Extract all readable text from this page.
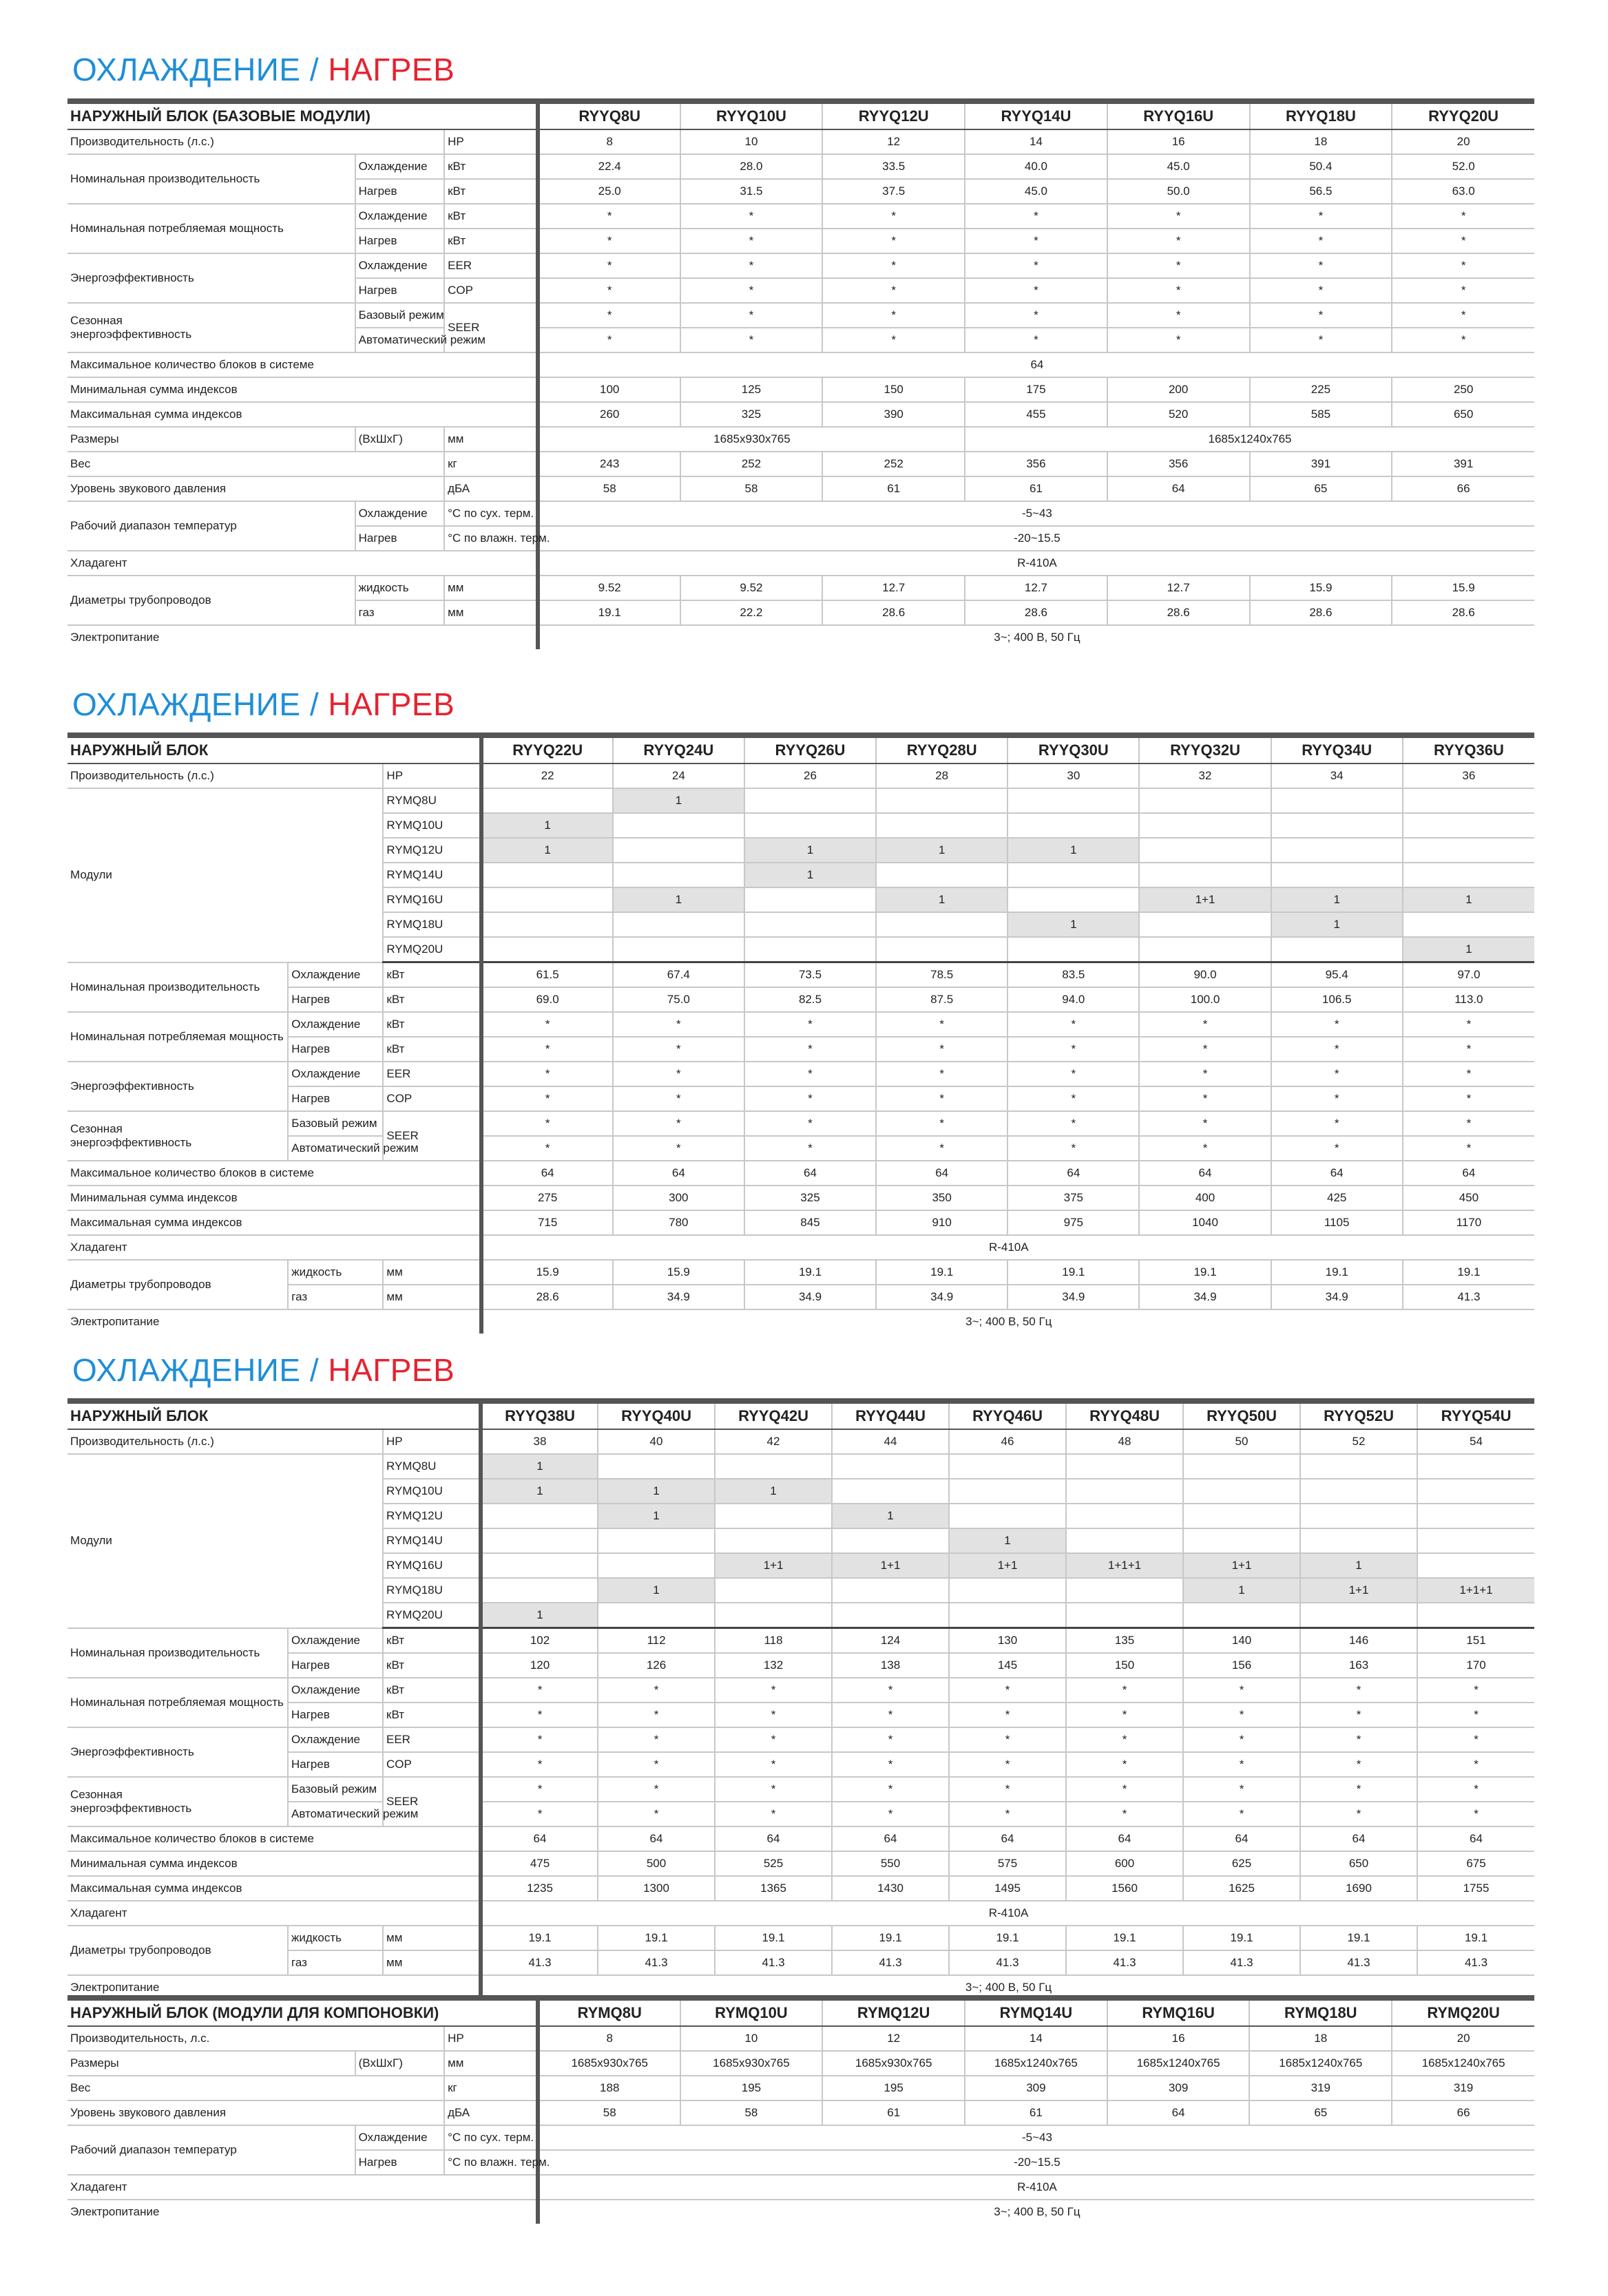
ОХЛАЖДЕНИЕ / НАГРЕВ
НАРУЖНЫЙ БЛОК (БАЗОВЫЕ МОДУЛИ)			RYYQ8U	RYYQ10U	RYYQ12U	RYYQ14U	RYYQ16U	RYYQ18U	RYYQ20U
Производительность (л.с.)		HP	8	10	12	14	16	18	20
Номинальная производительность	Охлаждение	кВт	22.4	28.0	33.5	40.0	45.0	50.4	52.0
	Нагрев	кВт	25.0	31.5	37.5	45.0	50.0	56.5	63.0
Номинальная потребляемая мощность	Охлаждение	кВт	*	*	*	*	*	*	*
	Нагрев	кВт	*	*	*	*	*	*	*
Энергоэффективность	Охлаждение	EER	*	*	*	*	*	*	*
	Нагрев	COP	*	*	*	*	*	*	*

Сезонная
энергоэффективность	Базовый режим	SEER	*	*	*	*	*	*	*
	Автоматический режим		*	*	*	*	*	*	*
Максимальное количество блоков в системе			64						
Минимальная сумма индексов			100	125	150	175	200	225	250
Максимальная сумма индексов			260	325	390	455	520	585	650
Размеры	(ВхШхГ)	мм	1685x930x765			1685x1240x765			
Вес		кг	243	252	252	356	356	391	391
Уровень звукового давления		дБА	58	58	61	61	64	65	66
Рабочий диапазон температур	Охлаждение	°С по сух. терм.	-5~43						
	Нагрев	°С по влажн. терм.	-20~15.5						
Хладагент			R-410A						
Диаметры трубопроводов	жидкость	мм	9.52	9.52	12.7	12.7	12.7	15.9	15.9
	газ	мм	19.1	22.2	28.6	28.6	28.6	28.6	28.6
Электропитание			3~; 400 В, 50 Гц						
ОХЛАЖДЕНИЕ / НАГРЕВ
НАРУЖНЫЙ БЛОК			RYYQ22U	RYYQ24U	RYYQ26U	RYYQ28U	RYYQ30U	RYYQ32U	RYYQ34U	RYYQ36U
Производительность (л.с.)		HP	22	24	26	28	30	32	34	36
Модули		RYMQ8U		1						
		RYMQ10U	1							
		RYMQ12U	1		1	1	1			
		RYMQ14U			1					
		RYMQ16U		1		1		1+1	1	1
		RYMQ18U					1		1	
		RYMQ20U								1
Номинальная производительность	Охлаждение	кВт	61.5	67.4	73.5	78.5	83.5	90.0	95.4	97.0
	Нагрев	кВт	69.0	75.0	82.5	87.5	94.0	100.0	106.5	113.0
Номинальная потребляемая мощность	Охлаждение	кВт	*	*	*	*	*	*	*	*
	Нагрев	кВт	*	*	*	*	*	*	*	*
Энергоэффективность	Охлаждение	EER	*	*	*	*	*	*	*	*
	Нагрев	COP	*	*	*	*	*	*	*	*

Сезонная
энергоэффективность	Базовый режим	SEER	*	*	*	*	*	*	*	*
	Автоматический режим		*	*	*	*	*	*	*	*
Максимальное количество блоков в системе			64	64	64	64	64	64	64	64
Минимальная сумма индексов			275	300	325	350	375	400	425	450
Максимальная сумма индексов			715	780	845	910	975	1040	1105	1170
Хладагент			R-410A							
Диаметры трубопроводов	жидкость	мм	15.9	15.9	19.1	19.1	19.1	19.1	19.1	19.1
	газ	мм	28.6	34.9	34.9	34.9	34.9	34.9	34.9	41.3
Электропитание			3~; 400 В, 50 Гц							
ОХЛАЖДЕНИЕ / НАГРЕВ
НАРУЖНЫЙ БЛОК			RYYQ38U	RYYQ40U	RYYQ42U	RYYQ44U	RYYQ46U	RYYQ48U	RYYQ50U	RYYQ52U	RYYQ54U
Производительность (л.с.)		HP	38	40	42	44	46	48	50	52	54
Модули		RYMQ8U	1								
		RYMQ10U	1	1	1						
		RYMQ12U		1		1					
		RYMQ14U					1				
		RYMQ16U			1+1	1+1	1+1	1+1+1	1+1	1	
		RYMQ18U		1					1	1+1	1+1+1
		RYMQ20U	1								
Номинальная производительность	Охлаждение	кВт	102	112	118	124	130	135	140	146	151
	Нагрев	кВт	120	126	132	138	145	150	156	163	170
Номинальная потребляемая мощность	Охлаждение	кВт	*	*	*	*	*	*	*	*	*
	Нагрев	кВт	*	*	*	*	*	*	*	*	*
Энергоэффективность	Охлаждение	EER	*	*	*	*	*	*	*	*	*
	Нагрев	COP	*	*	*	*	*	*	*	*	*

Сезонная
энергоэффективность	Базовый режим	SEER	*	*	*	*	*	*	*	*	*
	Автоматический режим		*	*	*	*	*	*	*	*	*
Максимальное количество блоков в системе			64	64	64	64	64	64	64	64	64
Минимальная сумма индексов			475	500	525	550	575	600	625	650	675
Максимальная сумма индексов			1235	1300	1365	1430	1495	1560	1625	1690	1755
Хладагент			R-410A								
Диаметры трубопроводов	жидкость	мм	19.1	19.1	19.1	19.1	19.1	19.1	19.1	19.1	19.1
	газ	мм	41.3	41.3	41.3	41.3	41.3	41.3	41.3	41.3	41.3
Электропитание			3~; 400 В, 50 Гц								
НАРУЖНЫЙ БЛОК (МОДУЛИ ДЛЯ КОМПОНОВКИ)			RYMQ8U	RYMQ10U	RYMQ12U	RYMQ14U	RYMQ16U	RYMQ18U	RYMQ20U
Производительность, л.с.		HP	8	10	12	14	16	18	20
Размеры	(ВхШхГ)	мм	1685x930x765	1685x930x765	1685x930x765	1685x1240x765	1685x1240x765	1685x1240x765	1685x1240x765
Вес		кг	188	195	195	309	309	319	319
Уровень звукового давления		дБА	58	58	61	61	64	65	66
Рабочий диапазон температур	Охлаждение	°С по сух. терм.	-5~43						
	Нагрев	°С по влажн. терм.	-20~15.5						
Хладагент			R-410A						
Электропитание			3~; 400 В, 50 Гц						
